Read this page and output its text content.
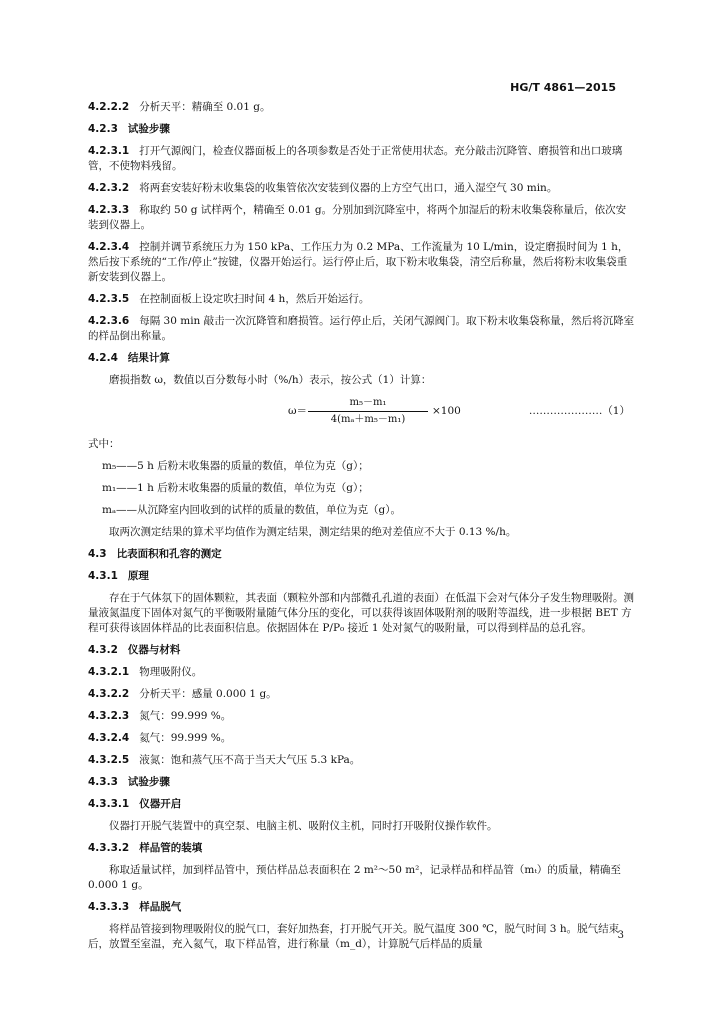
HG/T 4861—2015
4.2.2.2 分析天平：精确至 0.01 g。
4.2.3 试验步骤
4.2.3.1 打开气源阀门，检查仪器面板上的各项参数是否处于正常使用状态。充分敲击沉降管、磨损管和出口玻璃管，不使物料残留。
4.2.3.2 将两套安装好粉末收集袋的收集管依次安装到仪器的上方空气出口，通入湿空气 30 min。
4.2.3.3 称取约 50 g 试样两个，精确至 0.01 g。分别加到沉降室中，将两个加湿后的粉末收集袋称量后，依次安装到仪器上。
4.2.3.4 控制并调节系统压力为 150 kPa、工作压力为 0.2 MPa、工作流量为 10 L/min，设定磨损时间为 1 h，然后按下系统的“工作/停止”按键，仪器开始运行。运行停止后，取下粉末收集袋，清空后称量，然后将粉末收集袋重新安装到仪器上。
4.2.3.5 在控制面板上设定吹扫时间 4 h，然后开始运行。
4.2.3.6 每隔 30 min 敲击一次沉降管和磨损管。运行停止后，关闭气源阀门。取下粉末收集袋称量，然后将沉降室的样品倒出称量。
4.2.4 结果计算
磨损指数 ω，数值以百分数每小时（%/h）表示，按公式（1）计算：
$\omega= \frac{\text{m₅－m₁}}{\text{4(mₐ＋m₅－m₁)}} \times 100$	…………………（1）
式中：
m₅——5 h 后粉末收集器的质量的数值，单位为克（g）；
m₁——1 h 后粉末收集器的质量的数值，单位为克（g）；
mₐ——从沉降室内回收到的试样的质量的数值，单位为克（g）。
取两次测定结果的算术平均值作为测定结果，测定结果的绝对差值应不大于 0.13 %/h。
4.3 比表面积和孔容的测定
4.3.1 原理
存在于气体氛下的固体颗粒，其表面（颗粒外部和内部微孔孔道的表面）在低温下会对气体分子发生物理吸附。测量液氮温度下固体对氮气的平衡吸附量随气体分压的变化，可以获得该固体吸附剂的吸附等温线，进一步根据 BET 方程可获得该固体样品的比表面积信息。依据固体在 P/P₀ 接近 1 处对氮气的吸附量，可以得到样品的总孔容。
4.3.2 仪器与材料
4.3.2.1 物理吸附仪。
4.3.2.2 分析天平：感量 0.000 1 g。
4.3.2.3 氮气：99.999 %。
4.3.2.4 氦气：99.999 %。
4.3.2.5 液氮：饱和蒸气压不高于当天大气压 5.3 kPa。
4.3.3 试验步骤
4.3.3.1 仪器开启
仪器打开脱气装置中的真空泵、电脑主机、吸附仪主机，同时打开吸附仪操作软件。
4.3.3.2 样品管的装填
称取适量试样，加到样品管中，预估样品总表面积在 2 m²～50 m²，记录样品和样品管（mₜ）的质量，精确至 0.000 1 g。
4.3.3.3 样品脱气
将样品管接到物理吸附仪的脱气口，套好加热套，打开脱气开关。脱气温度 300 ℃，脱气时间 3 h。脱气结束后，放置至室温，充入氦气，取下样品管，进行称量（m_d），计算脱气后样品的质量
3
